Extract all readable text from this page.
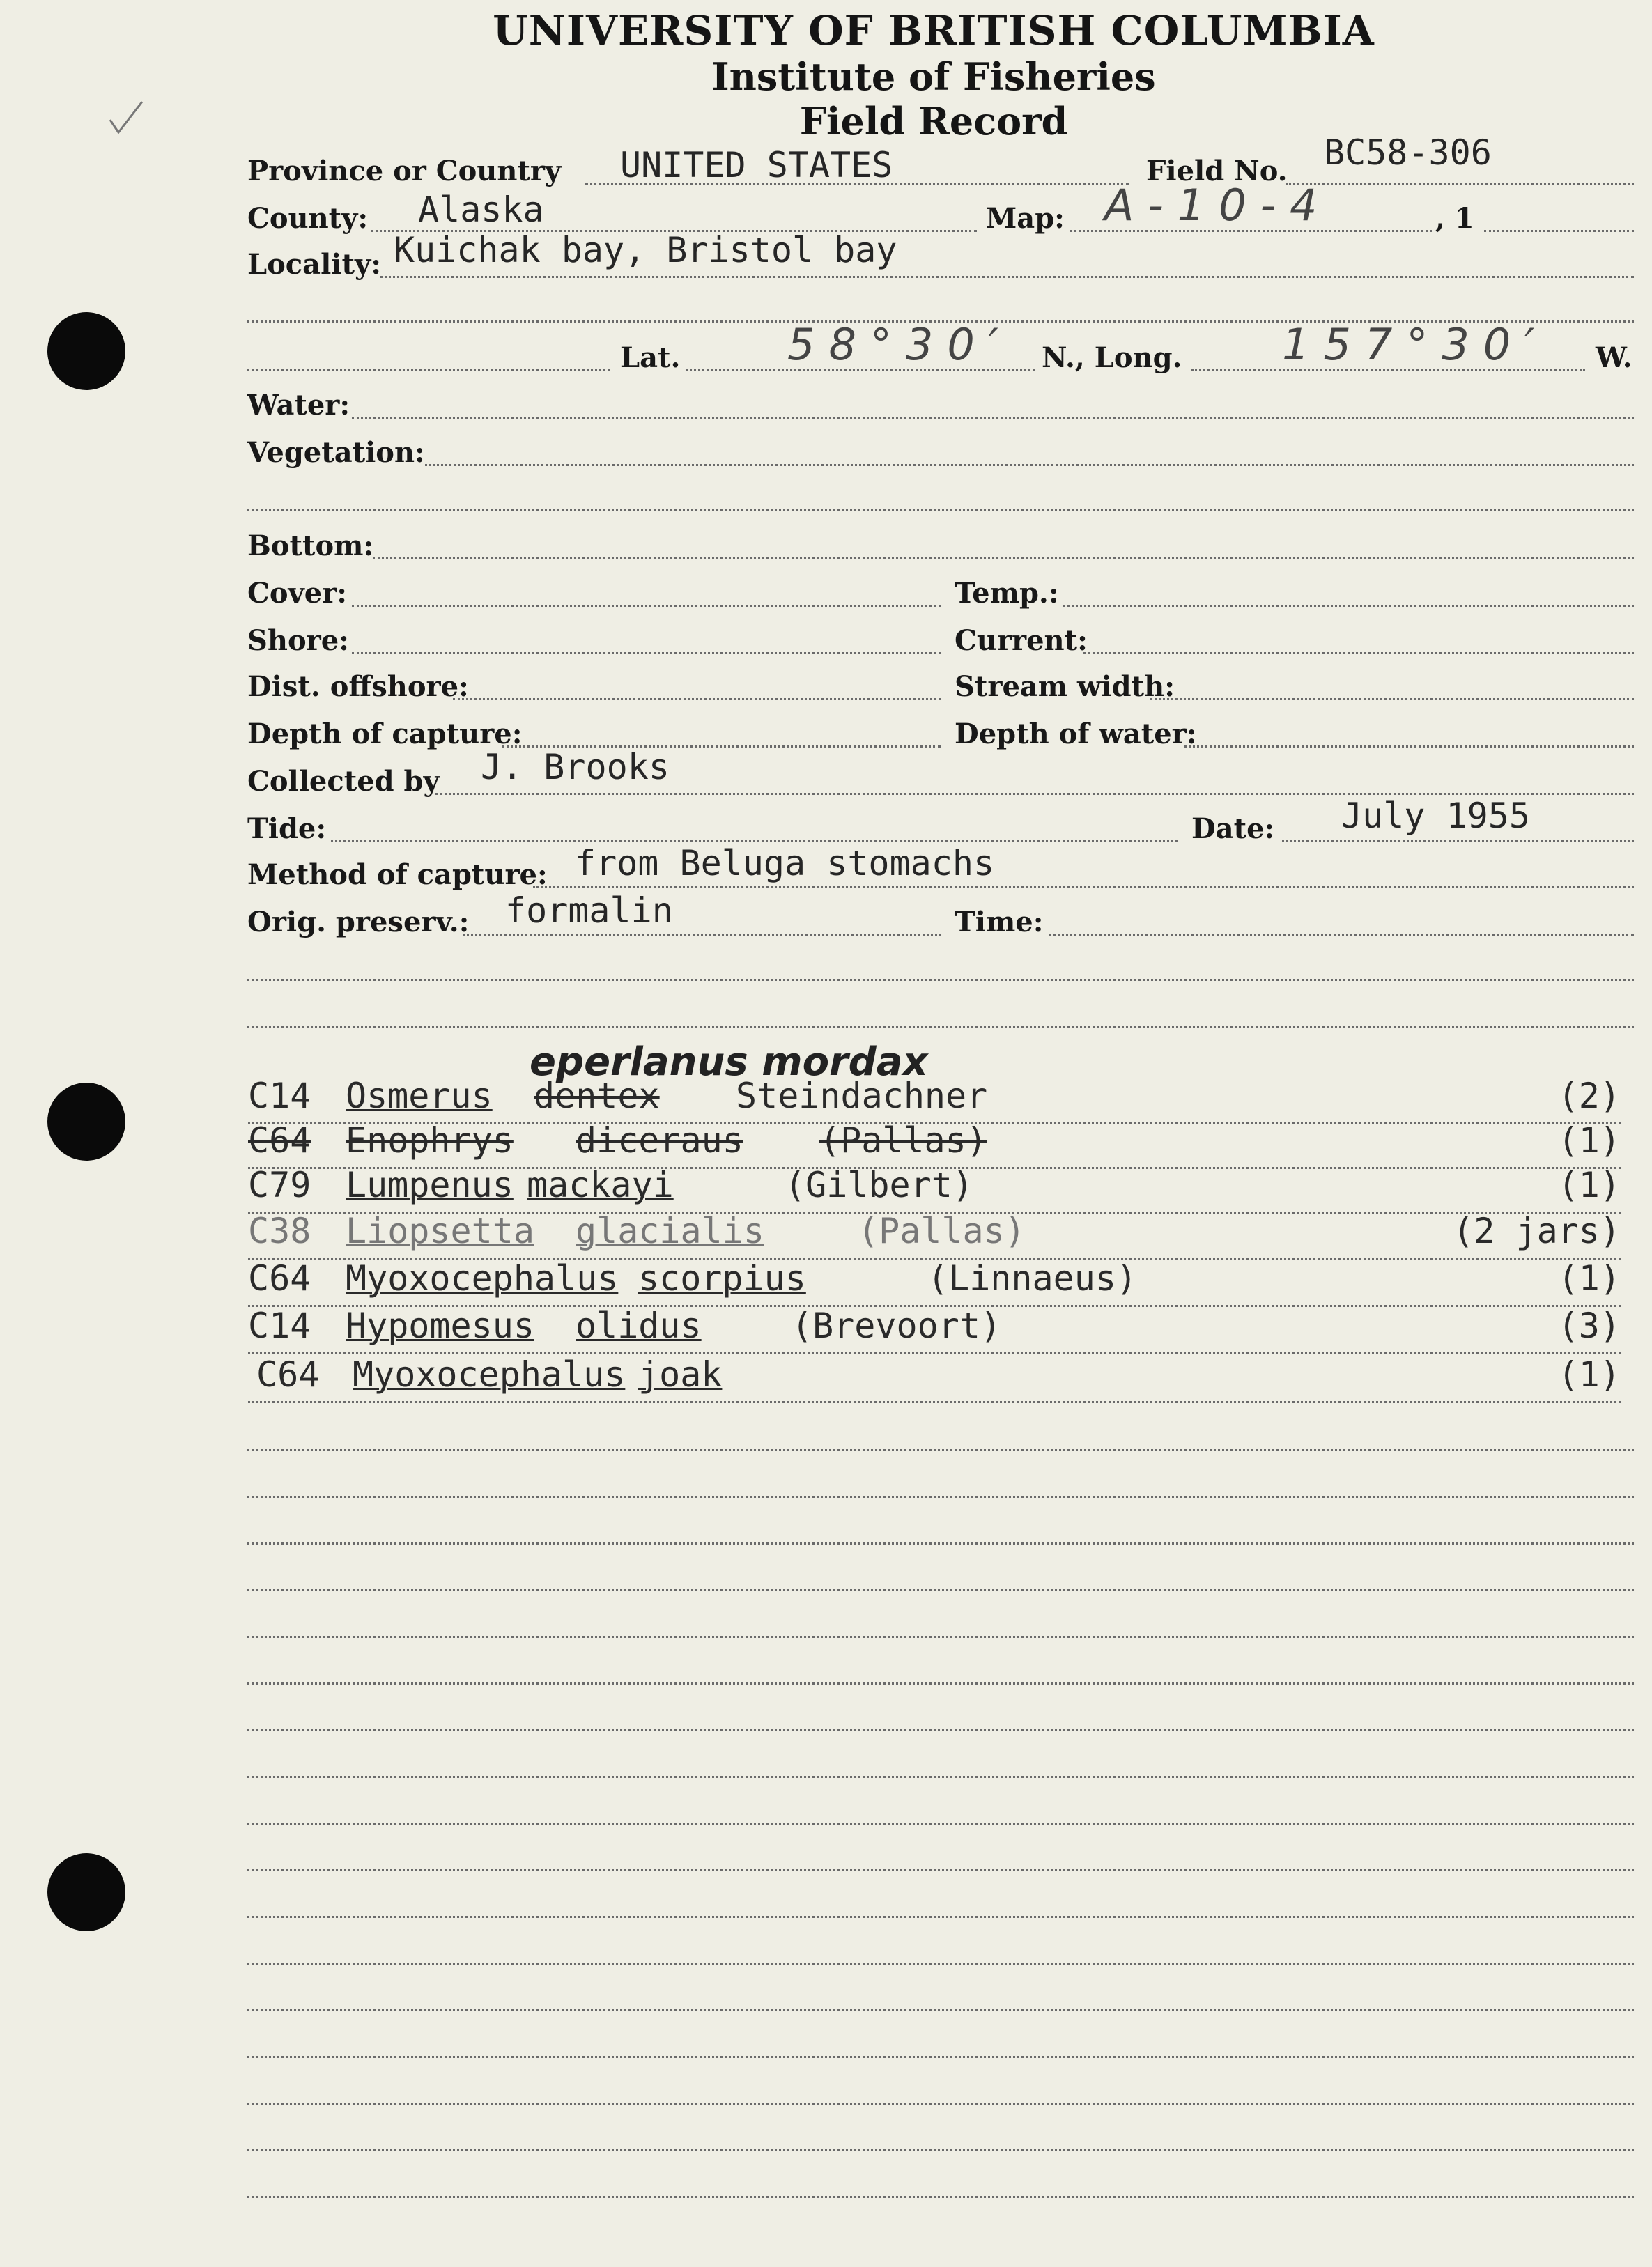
UNIVERSITY OF BRITISH COLUMBIA
Institute of Fisheries
Field Record
Province or Country UNITED STATES	Field No. BC58-306
County: Alaska	Map: A-10-4	, 1
Locality: Kuichak bay, Bristol bay
Lat. 58°30′ N., Long. 157°30′ W.
Water:
Vegetation:
Bottom:
Cover:	Temp.:
Shore:	Current:
Dist. offshore:	Stream width:
Depth of capture:	Depth of water:
Collected by J. Brooks
Tide:	Date: July 1955
Method of capture: from Beluga stomachs
Orig. preserv.: formalin	Time:
eperlanus mordax
C14 Osmerus dentex Steindachner	(2)
C64 Enophrys diceraus (Pallas)	(1)
C79 Lumpenus mackayi	(Gilbert)	(1)
C38 Liopsetta glacialis	(Pallas)	(2 jars)
C64 Myoxocephalus scorpius	(Linnaeus)	(1)
C14 Hypomesus olidus	(Brevoort)	(3)
C64 Myoxocephalus joak	(1)
